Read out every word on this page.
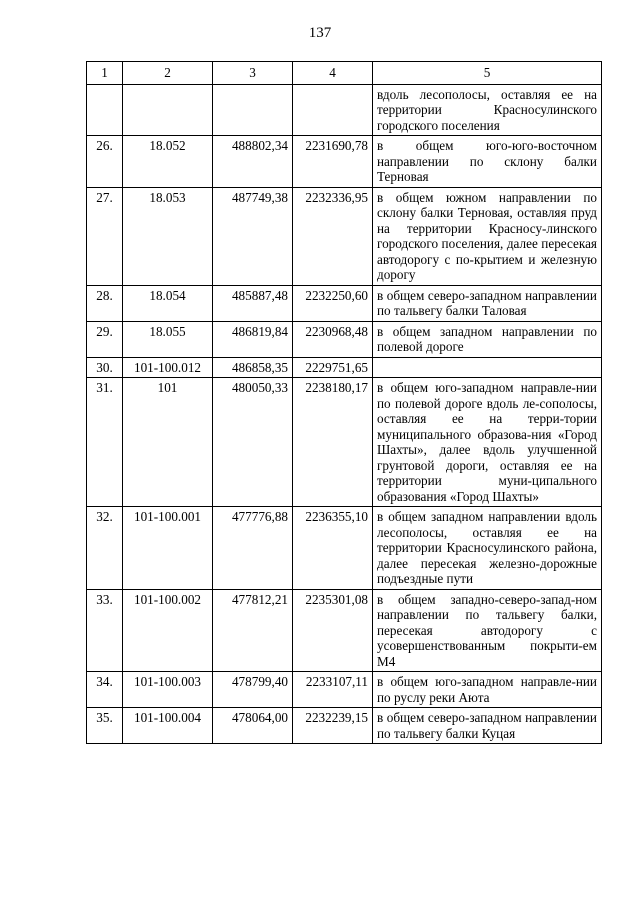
137
1	2	3	4	5
				вдоль лесополосы, оставляя ее на территории Красносулинского городского поселения
26.	18.052	488802,34	2231690,78	в общем юго-юго-восточном направлении по склону балки Терновая
27.	18.053	487749,38	2232336,95	в общем южном направлении по склону балки Терновая, оставляя пруд на территории Красносу-линского городского поселения, далее пересекая автодорогу с по-крытием и железную дорогу
28.	18.054	485887,48	2232250,60	в общем северо-западном направлении по тальвегу балки Таловая
29.	18.055	486819,84	2230968,48	в общем западном направлении по полевой дороге
30.	101-100.012	486858,35	2229751,65	
31.	101	480050,33	2238180,17	в общем юго-западном направле-нии по полевой дороге вдоль ле-сополосы, оставляя ее на терри-тории муниципального образова-ния «Город Шахты», далее вдоль улучшенной грунтовой дороги, оставляя ее на территории муни-ципального образования «Город Шахты»
32.	101-100.001	477776,88	2236355,10	в общем западном направлении вдоль лесополосы, оставляя ее на территории Красносулинского района, далее пересекая железно-дорожные подъездные пути
33.	101-100.002	477812,21	2235301,08	в общем западно-северо-запад-ном направлении по тальвегу балки, пересекая автодорогу с усовершенствованным покрыти-ем М4
34.	101-100.003	478799,40	2233107,11	в общем юго-западном направле-нии по руслу реки Аюта
35.	101-100.004	478064,00	2232239,15	в общем северо-западном направлении по тальвегу балки Куцая
